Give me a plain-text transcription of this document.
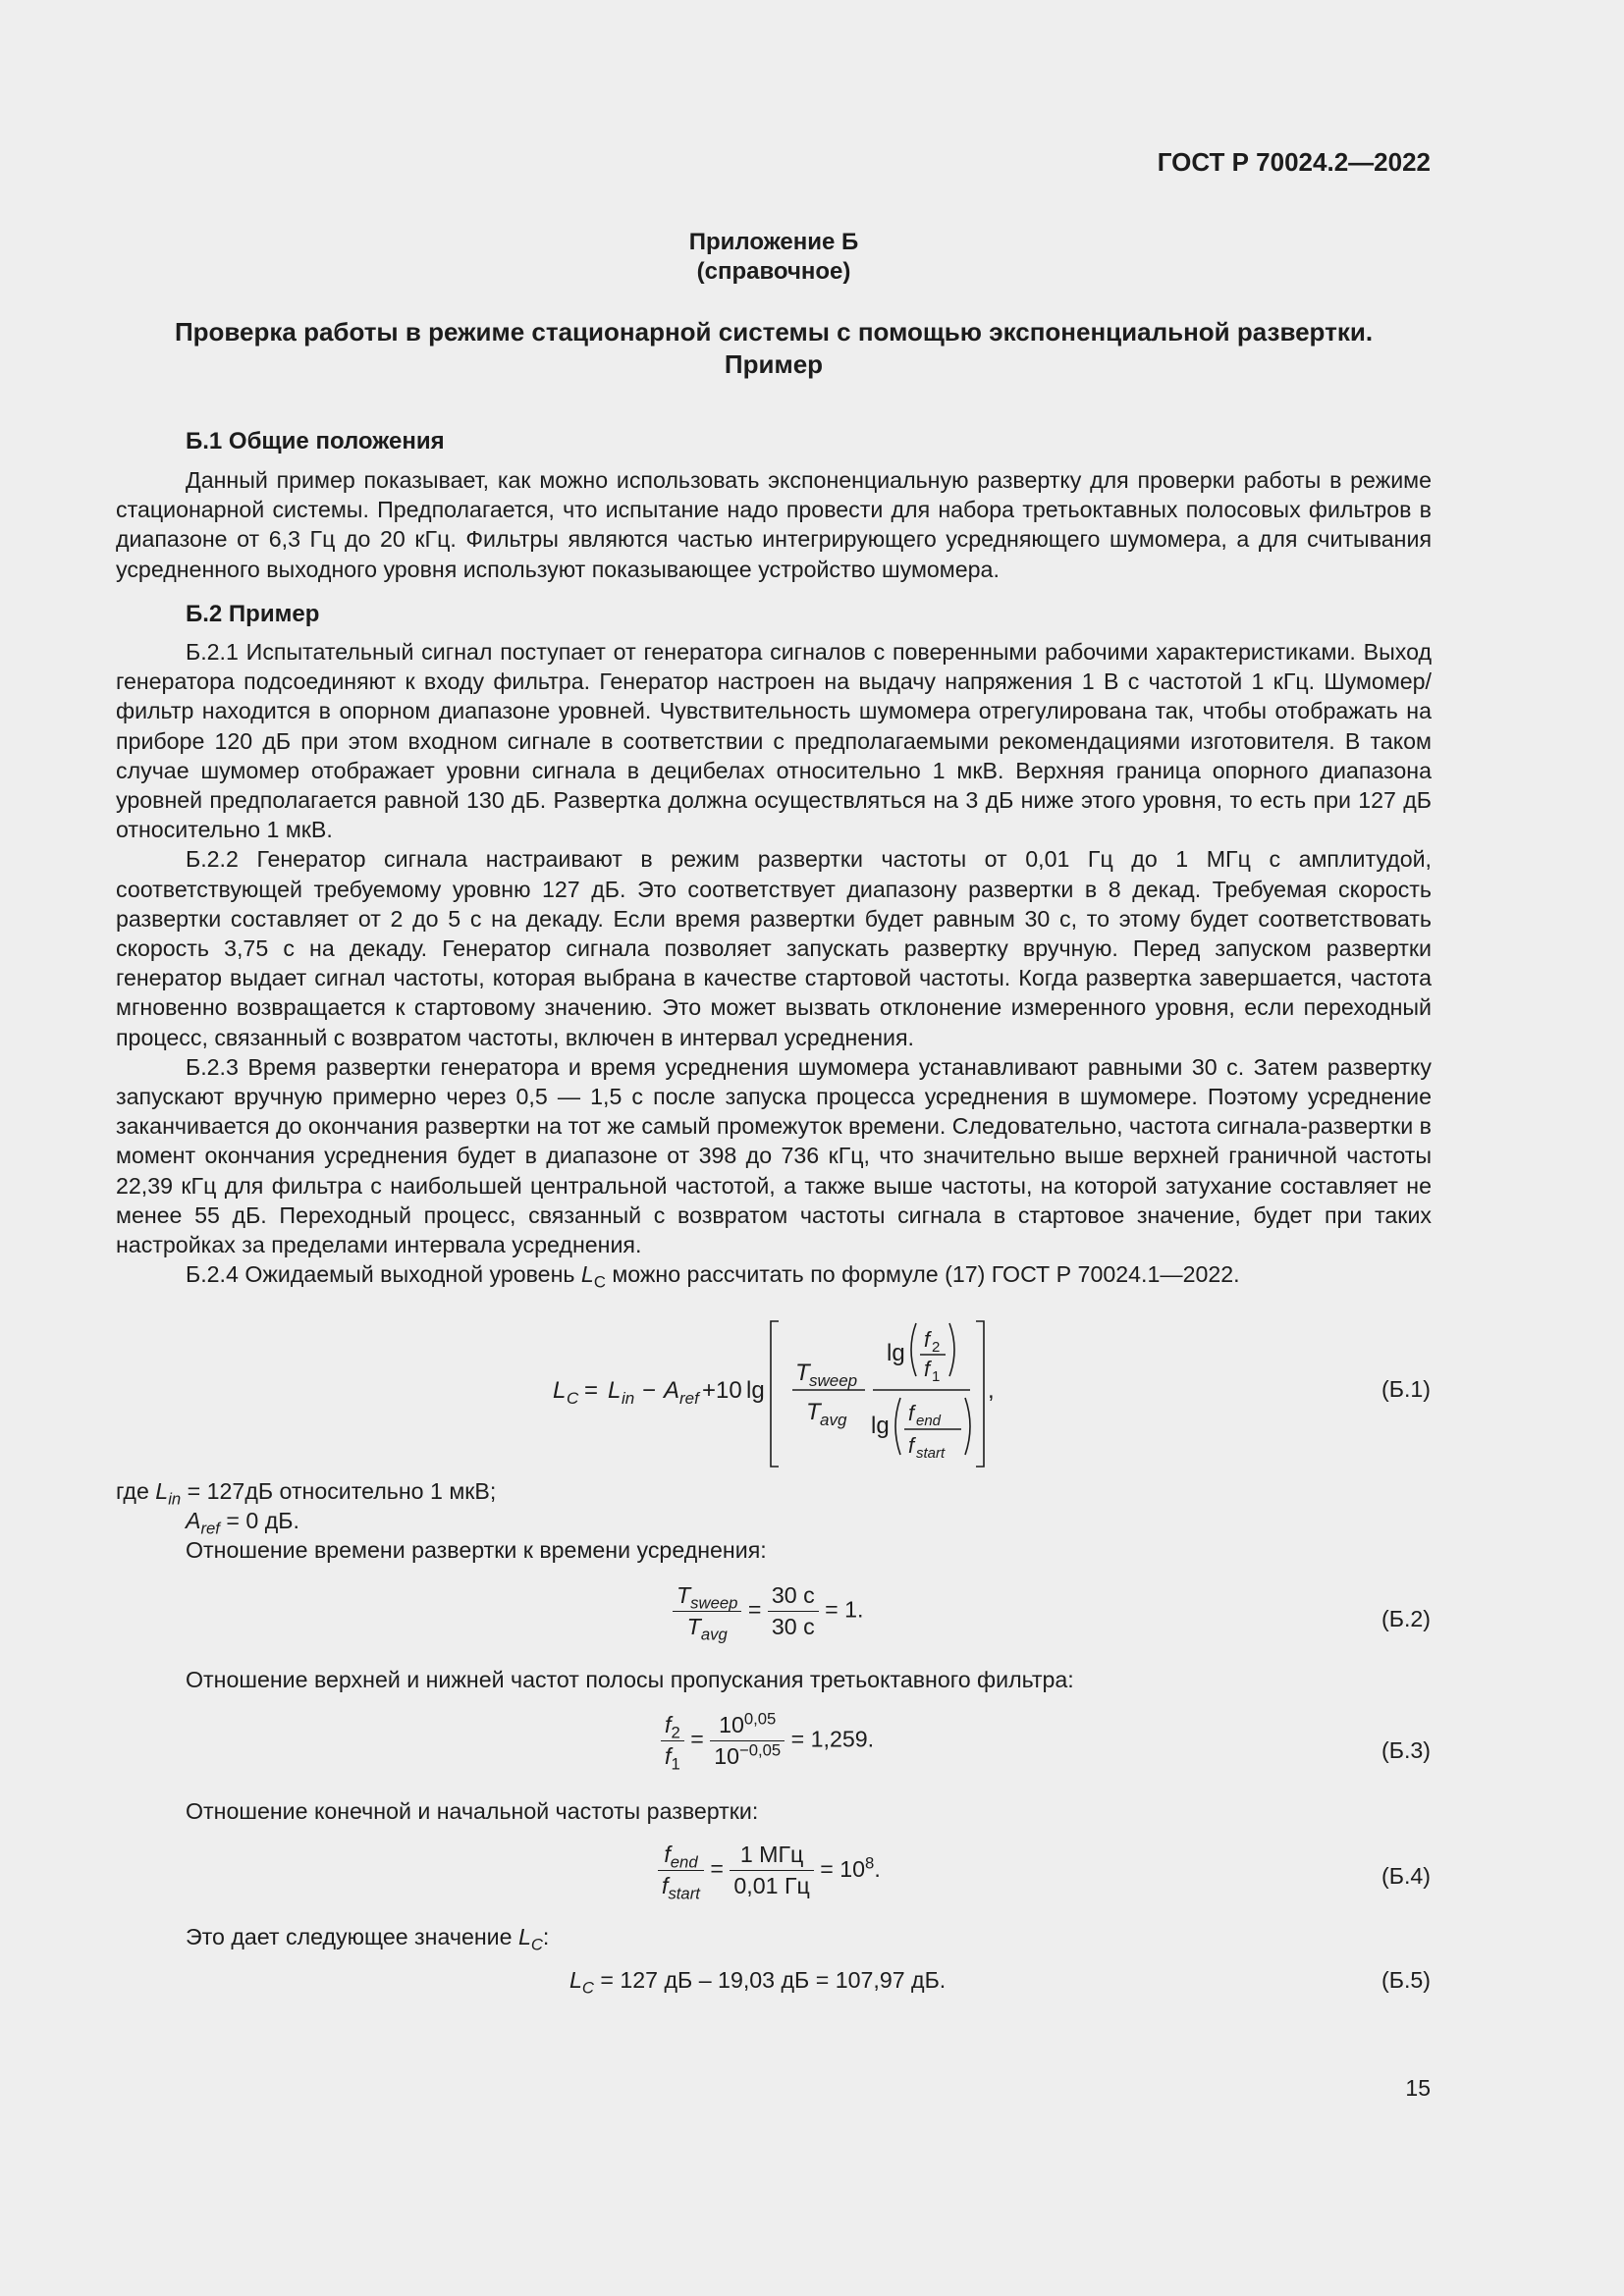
ГОСТ Р 70024.2—2022
Приложение Б
(справочное)
Проверка работы в режиме стационарной системы с помощью экспоненциальной развертки.
Пример
Б.1 Общие положения

Данный пример показывает, как можно использовать экспоненциальную развертку для проверки работы в режиме стационарной системы. Предполагается, что испытание надо провести для набора третьоктавных полосовых фильтров в диапазоне от 6,3 Гц до 20 кГц. Фильтры являются частью интегрирующего усредняющего шумомера, а для считывания усредненного выходного уровня используют показывающее устройство шумомера.

Б.2 Пример

Б.2.1 Испытательный сигнал поступает от генератора сигналов с поверенными рабочими характеристиками. Выход генератора подсоединяют к входу фильтра. Генератор настроен на выдачу напряжения 1 В с частотой 1 кГц. Шумомер/фильтр находится в опорном диапазоне уровней. Чувствительность шумомера отрегулирована так, чтобы отображать на приборе 120 дБ при этом входном сигнале в соответствии с предполагаемыми рекомендациями изготовителя. В таком случае шумомер отображает уровни сигнала в децибелах относительно 1 мкВ. Верхняя граница опорного диапазона уровней предполагается равной 130 дБ. Развертка должна осуществляться на 3 дБ ниже этого уровня, то есть при 127 дБ относительно 1 мкВ.

Б.2.2 Генератор сигнала настраивают в режим развертки частоты от 0,01 Гц до 1 МГц с амплитудой, соответствующей требуемому уровню 127 дБ. Это соответствует диапазону развертки в 8 декад. Требуемая скорость развертки составляет от 2 до 5 с на декаду. Если время развертки будет равным 30 с, то этому будет соответствовать скорость 3,75 с на декаду. Генератор сигнала позволяет запускать развертку вручную. Перед запуском развертки генератор выдает сигнал частоты, которая выбрана в качестве стартовой частоты. Когда развертка завершается, частота мгновенно возвращается к стартовому значению. Это может вызвать отклонение измеренного уровня, если переходный процесс, связанный с возвратом частоты, включен в интервал усреднения.

Б.2.3 Время развертки генератора и время усреднения шумомера устанавливают равными 30 с. Затем развертку запускают вручную примерно через 0,5 — 1,5 с после запуска процесса усреднения в шумомере. Поэтому усреднение заканчивается до окончания развертки на тот же самый промежуток времени. Следовательно, частота сигнала-развертки в момент окончания усреднения будет в диапазоне от 398 до 736 кГц, что значительно выше верхней граничной частоты 22,39 кГц для фильтра с наибольшей центральной частотой, а также выше частоты, на которой затухание составляет не менее 55 дБ. Переходный процесс, связанный с возвратом частоты сигнала в стартовое значение, будет при таких настройках за пределами интервала усреднения.

Б.2.4 Ожидаемый выходной уровень $L_C$ можно рассчитать по формуле (17) ГОСТ Р 70024.1—2022.

L C = L in − A ref +10 lg
T sweep
T avg
lg
f 2
f 1
lg f end
f start
,	(Б.1)
где $L_{in} = 127дБ$ относительно 1 мкВ;
$A_{ref} = 0$ дБ.
Отношение времени развертки к времени усреднения:
$\frac{T_{sweep}}{T_{avg}} = \frac{30 с}{30 с} = 1$.	(Б.2)
Отношение верхней и нижней частот полосы пропускания третьоктавного фильтра:
$\frac{f_2}{f_1} = \frac{10^{0,05}}{10^{-0,05}} = 1,259$.	(Б.3)
Отношение конечной и начальной частоты развертки:
$\frac{f_{end}}{f_{start}} = \frac{\text{1 МГц}}{0,01 Гц} = 10^8$.	(Б.4)
Это дает следующее значение $L_C$:
$L_C = 127$ дБ – 19,03 дБ = 107,97 дБ.	(Б.5)
15
